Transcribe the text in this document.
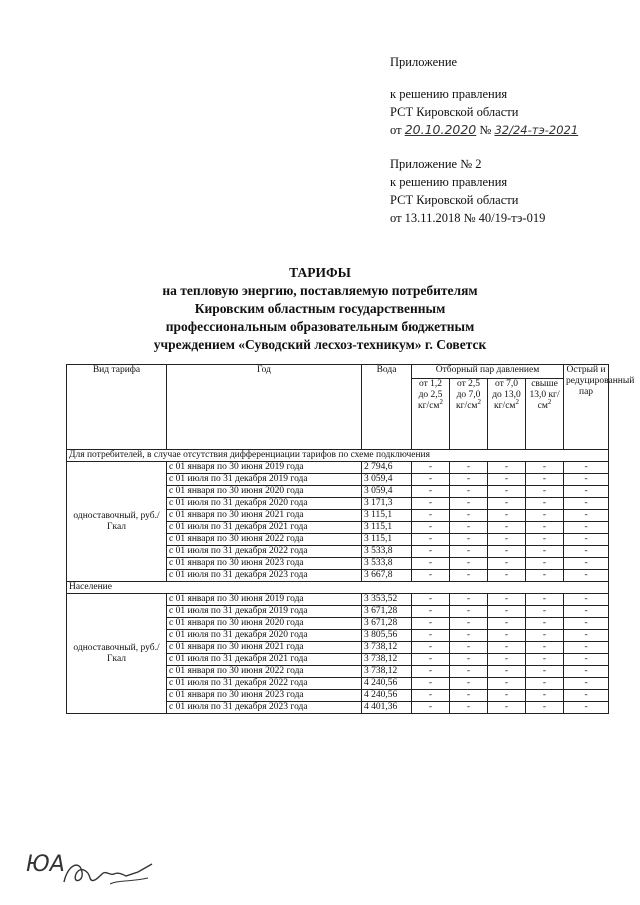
Приложение
к решению правления
РСТ Кировской области
от 20.10.2020 № 32/24-тэ-2021
Приложение № 2
к решению правления
РСТ Кировской области
от 13.11.2018 № 40/19-тэ-019
ТАРИФЫ
на тепловую энергию, поставляемую потребителям
Кировским областным государственным
профессиональным образовательным бюджетным
учреждением «Суводский лесхоз-техникум» г. Советск
Вид тарифа	Год	Вода	Отборный пар давлением				Острый и редуцированный пар
			от 1,2 до 2,5 $кг/см^2$	от 2,5 до 7,0 $кг/см^2$	от 7,0 до 13,0 $кг/см^2$	свыше 13,0 $кг/см^2$
Для потребителей, в случае отсутствия дифференциации тарифов по схеме подключения							
одноставочный, руб./Гкал	с 01 января по 30 июня 2019 года	2 794,6	-	-	-	-	-
	с 01 июля по 31 декабря 2019 года	3 059,4	-	-	-	-	-
	с 01 января по 30 июня 2020 года	3 059,4	-	-	-	-	-
	с 01 июля по 31 декабря 2020 года	3 171,3	-	-	-	-	-
	с 01 января по 30 июня 2021 года	3 115,1	-	-	-	-	-
	с 01 июля по 31 декабря 2021 года	3 115,1	-	-	-	-	-
	с 01 января по 30 июня 2022 года	3 115,1	-	-	-	-	-
	с 01 июля по 31 декабря 2022 года	3 533,8	-	-	-	-	-
	с 01 января по 30 июня 2023 года	3 533,8	-	-	-	-	-
	с 01 июля по 31 декабря 2023 года	3 667,8	-	-	-	-	-
Население							
одноставочный, руб./Гкал	с 01 января по 30 июня 2019 года	3 353,52	-	-	-	-	-
	с 01 июля по 31 декабря 2019 года	3 671,28	-	-	-	-	-
	с 01 января по 30 июня 2020 года	3 671,28	-	-	-	-	-
	с 01 июля по 31 декабря 2020 года	3 805,56	-	-	-	-	-
	с 01 января по 30 июня 2021 года	3 738,12	-	-	-	-	-
	с 01 июля по 31 декабря 2021 года	3 738,12	-	-	-	-	-
	с 01 января по 30 июня 2022 года	3 738,12	-	-	-	-	-
	с 01 июля по 31 декабря 2022 года	4 240,56	-	-	-	-	-
	с 01 января по 30 июня 2023 года	4 240,56	-	-	-	-	-
	с 01 июля по 31 декабря 2023 года	4 401,36	-	-	-	-	-
ЮА
